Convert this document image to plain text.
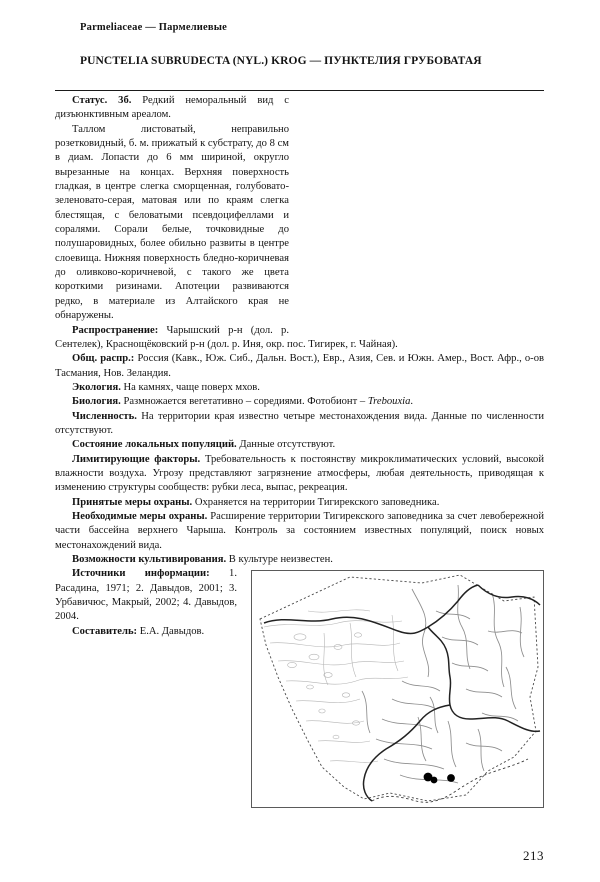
Parmeliaceae — Пармелиевые
PUNCTELIA SUBRUDECTA (NYL.) KROG — ПУНКТЕЛИЯ ГРУБОВАТАЯ

Статус. 3б. Редкий неморальный вид с дизъюнктивным ареалом.

Таллом листоватый, неправильно розетковидный, б. м. прижатый к субстрату, до 8 см в диам. Лопасти до 6 мм шириной, округло вырезанные на концах. Верхняя поверхность гладкая, в центре слегка сморщенная, голубовато-зеленовато-серая, матовая или по краям слегка блестящая, с беловатыми псевдоцифеллами и соралями. Сорали белые, точковидные до полушаровидных, более обильно развиты в центре слоевища. Нижняя поверхность бледно-коричневая до оливково-коричневой, с такого же цвета короткими ризинами. Апотеции развиваются редко, в материале из Алтайского края не обнаружены.

Распространение: Чарышский р-н (дол. р. Сентелек), Краснощёковский р-н (дол. р. Иня, окр. пос. Тигирек, г. Чайная).

Общ. распр.: Россия (Кавк., Юж. Сиб., Дальн. Вост.), Евр., Азия, Сев. и Южн. Амер., Вост. Афр., о-ов Тасмания, Нов. Зеландия.

Экология. На камнях, чаще поверх мхов.

Биология. Размножается вегетативно – соредиями. Фотобионт – Trebouxia.

Численность. На территории края известно четыре местонахождения вида. Данные по численности отсутствуют.

Состояние локальных популяций. Данные отсутствуют.

Лимитирующие факторы. Требовательность к постоянству микроклиматических условий, высокой влажности воздуха. Угрозу представляют загрязнение атмосферы, любая деятельность, приводящая к изменению структуры сообществ: рубки леса, выпас, рекреация.

Принятые меры охраны. Охраняется на территории Тигирекского заповедника.

Необходимые меры охраны. Расширение территории Тигирекского заповедника за счет левобережной части бассейна верхнего Чарыша. Контроль за состоянием известных популяций, поиск новых местонахождений вида.

Возможности культивирования. В культуре неизвестен.

Источники информации: 1. Расадина, 1971; 2. Давыдов, 2001; 3. Урбавичюс, Макрый, 2002; 4. Давыдов, 2004.

Составитель: Е.А. Давыдов.

213
